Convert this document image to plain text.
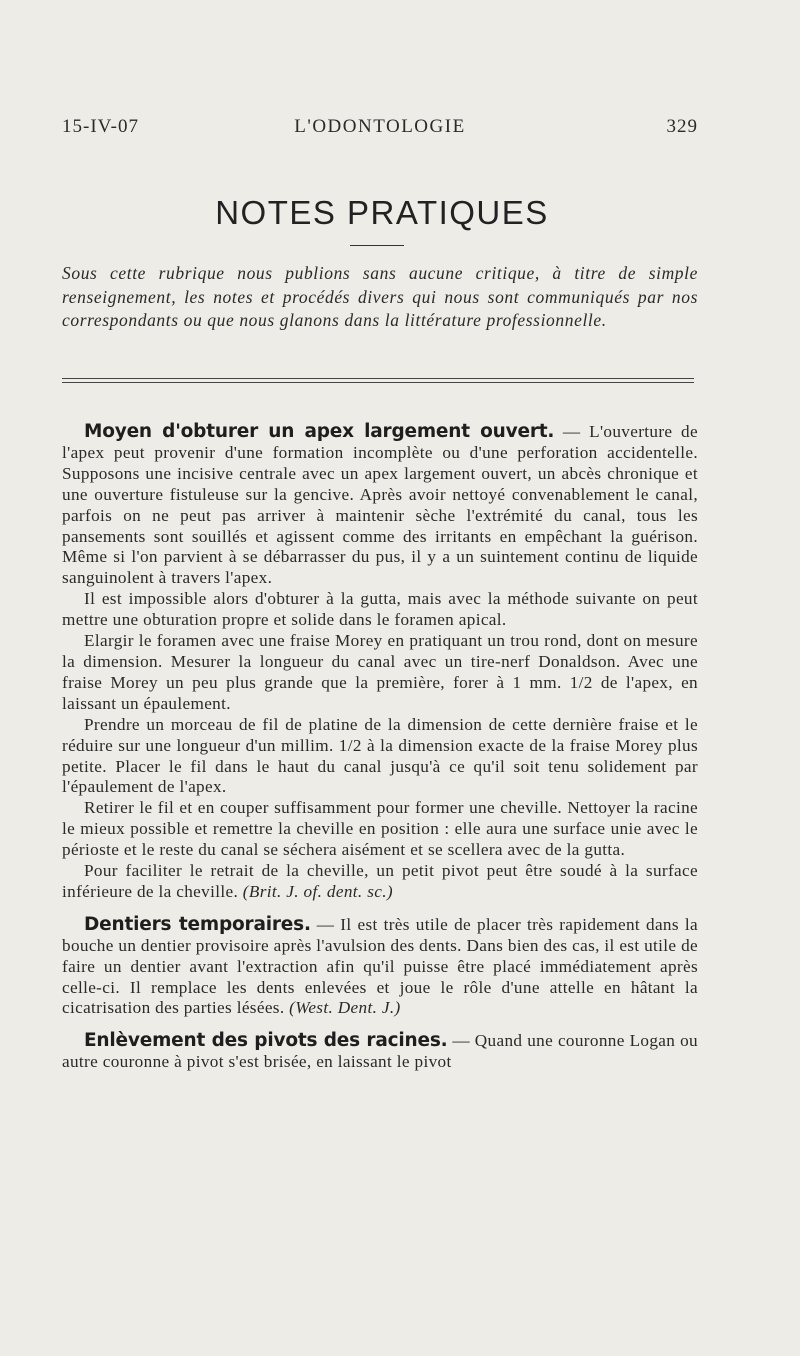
15-IV-07	L'ODONTOLOGIE	329
NOTES PRATIQUES
Sous cette rubrique nous publions sans aucune critique, à titre de simple renseignement, les notes et procédés divers qui nous sont communiqués par nos correspondants ou que nous glanons dans la littérature professionnelle.

Moyen d'obturer un apex largement ouvert. — L'ouverture de l'apex peut provenir d'une formation incomplète ou d'une perforation accidentelle. Supposons une incisive centrale avec un apex largement ouvert, un abcès chronique et une ouverture fistuleuse sur la gencive. Après avoir nettoyé convenablement le canal, parfois on ne peut pas arriver à maintenir sèche l'extrémité du canal, tous les pansements sont souillés et agissent comme des irritants en empêchant la guérison. Même si l'on parvient à se débarrasser du pus, il y a un suintement continu de liquide sanguinolent à travers l'apex.

Il est impossible alors d'obturer à la gutta, mais avec la méthode suivante on peut mettre une obturation propre et solide dans le foramen apical.

Elargir le foramen avec une fraise Morey en pratiquant un trou rond, dont on mesure la dimension. Mesurer la longueur du canal avec un tire-nerf Donaldson. Avec une fraise Morey un peu plus grande que la première, forer à 1 mm. 1/2 de l'apex, en laissant un épaulement.

Prendre un morceau de fil de platine de la dimension de cette dernière fraise et le réduire sur une longueur d'un millim. 1/2 à la dimension exacte de la fraise Morey plus petite. Placer le fil dans le haut du canal jusqu'à ce qu'il soit tenu solidement par l'épaulement de l'apex.

Retirer le fil et en couper suffisamment pour former une cheville. Nettoyer la racine le mieux possible et remettre la cheville en position : elle aura une surface unie avec le périoste et le reste du canal se séchera aisément et se scellera avec de la gutta.

Pour faciliter le retrait de la cheville, un petit pivot peut être soudé à la surface inférieure de la cheville. (Brit. J. of. dent. sc.)

Dentiers temporaires. — Il est très utile de placer très rapidement dans la bouche un dentier provisoire après l'avulsion des dents. Dans bien des cas, il est utile de faire un dentier avant l'extraction afin qu'il puisse être placé immédiatement après celle-ci. Il remplace les dents enlevées et joue le rôle d'une attelle en hâtant la cicatrisation des parties lésées. (West. Dent. J.)

Enlèvement des pivots des racines. — Quand une couronne Logan ou autre couronne à pivot s'est brisée, en laissant le pivot
